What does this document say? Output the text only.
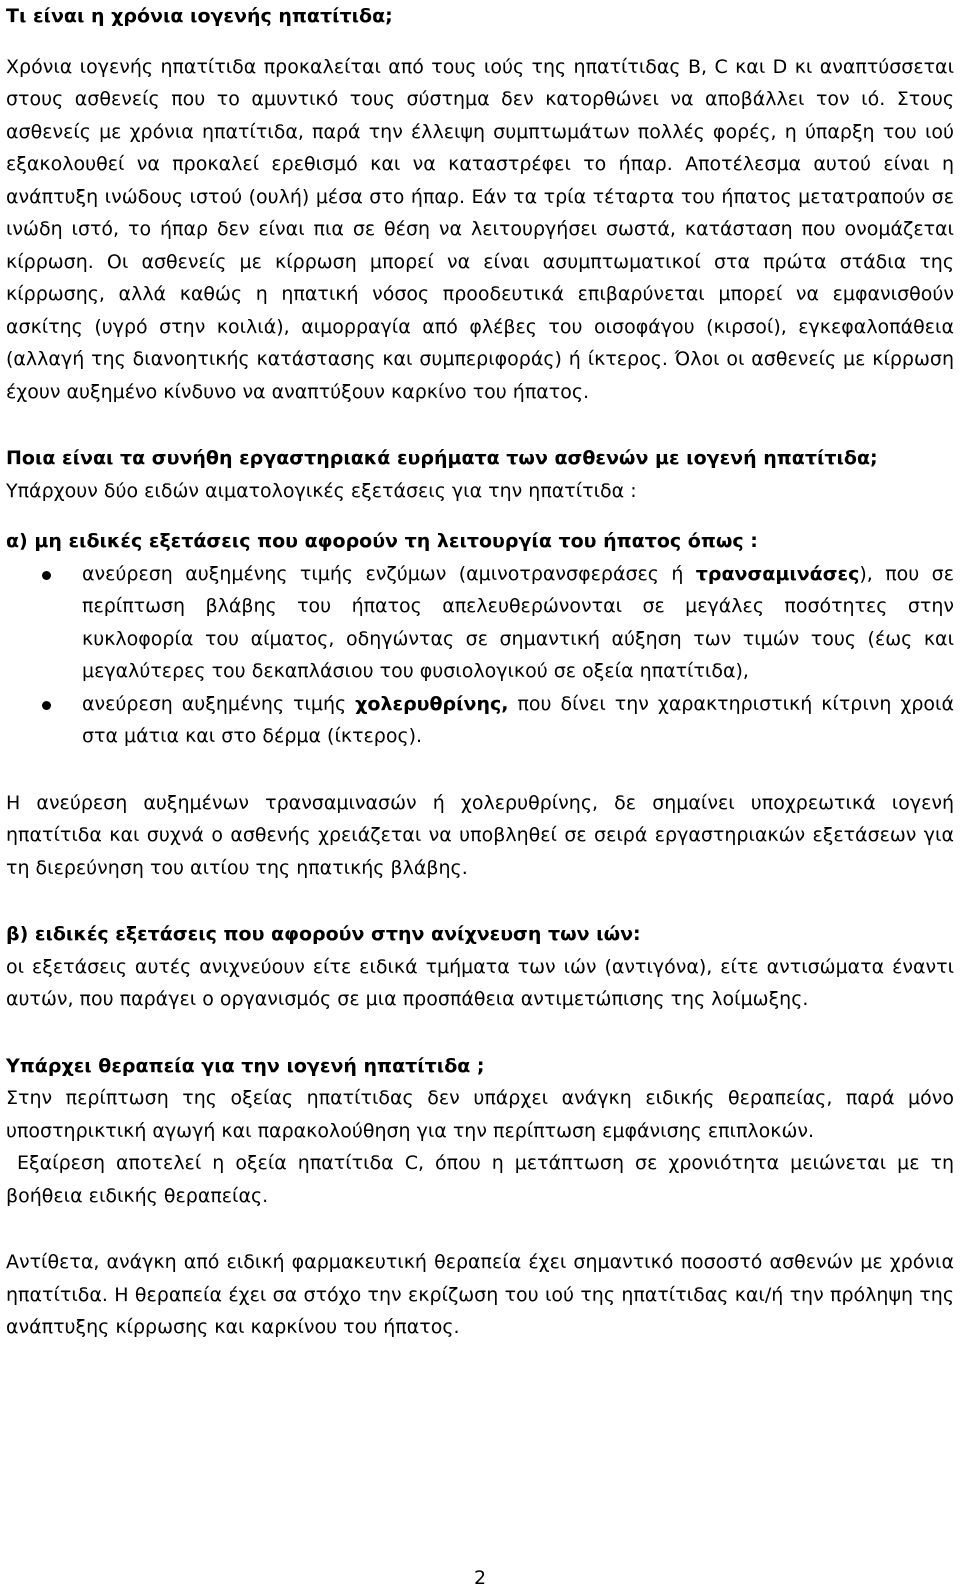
Τι είναι η χρόνια ιογενής ηπατίτιδα;

Χρόνια ιογενής ηπατίτιδα προκαλείται από τους ιούς της ηπατίτιδας B, C και D κι αναπτύσσεται στους ασθενείς που το αμυντικό τους σύστημα δεν κατορθώνει να αποβάλλει τον ιό. Στους ασθενείς με χρόνια ηπατίτιδα, παρά την έλλειψη συμπτωμάτων πολλές φορές, η ύπαρξη του ιού εξακολουθεί να προκαλεί ερεθισμό και να καταστρέφει το ήπαρ. Αποτέλεσμα αυτού είναι η ανάπτυξη ινώδους ιστού (ουλή) μέσα στο ήπαρ. Εάν τα τρία τέταρτα του ήπατος μετατραπούν σε ινώδη ιστό, το ήπαρ δεν είναι πια σε θέση να λειτουργήσει σωστά, κατάσταση που ονομάζεται κίρρωση. Οι ασθενείς με κίρρωση μπορεί να είναι ασυμπτωματικοί στα πρώτα στάδια της κίρρωσης, αλλά καθώς η ηπατική νόσος προοδευτικά επιβαρύνεται μπορεί να εμφανισθούν ασκίτης (υγρό στην κοιλιά), αιμορραγία από φλέβες του οισοφάγου (κιρσοί), εγκεφαλοπάθεια (αλλαγή της διανοητικής κατάστασης και συμπεριφοράς) ή ίκτερος. Όλοι οι ασθενείς με κίρρωση έχουν αυξημένο κίνδυνο να αναπτύξουν καρκίνο του ήπατος.

Ποια είναι τα συνήθη εργαστηριακά ευρήματα των ασθενών με ιογενή ηπατίτιδα;

Υπάρχουν δύο ειδών αιματολογικές εξετάσεις για την ηπατίτιδα :

α) μη ειδικές εξετάσεις που αφορούν τη λειτουργία του ήπατος όπως :

ανεύρεση αυξημένης τιμής ενζύμων (αμινοτρανσφεράσες ή τρανσαμινάσες), που σε περίπτωση βλάβης του ήπατος απελευθερώνονται σε μεγάλες ποσότητες στην κυκλοφορία του αίματος, οδηγώντας σε σημαντική αύξηση των τιμών τους (έως και μεγαλύτερες του δεκαπλάσιου του φυσιολογικού σε οξεία ηπατίτιδα),
ανεύρεση αυξημένης τιμής χολερυθρίνης, που δίνει την χαρακτηριστική κίτρινη χροιά στα μάτια και στο δέρμα (ίκτερος).

Η ανεύρεση αυξημένων τρανσαμινασών ή χολερυθρίνης, δε σημαίνει υποχρεωτικά ιογενή ηπατίτιδα και συχνά ο ασθενής χρειάζεται να υποβληθεί σε σειρά εργαστηριακών εξετάσεων για τη διερεύνηση του αιτίου της ηπατικής βλάβης.

β) ειδικές εξετάσεις που αφορούν στην ανίχνευση των ιών:

οι εξετάσεις αυτές ανιχνεύουν είτε ειδικά τμήματα των ιών (αντιγόνα), είτε αντισώματα έναντι αυτών, που παράγει ο οργανισμός σε μια προσπάθεια αντιμετώπισης της λοίμωξης.

Υπάρχει θεραπεία για την ιογενή ηπατίτιδα ;

Στην περίπτωση της οξείας ηπατίτιδας δεν υπάρχει ανάγκη ειδικής θεραπείας, παρά μόνο υποστηρικτική αγωγή και παρακολούθηση για την περίπτωση εμφάνισης επιπλοκών.

Εξαίρεση αποτελεί η οξεία ηπατίτιδα C, όπου η μετάπτωση σε χρονιότητα μειώνεται με τη βοήθεια ειδικής θεραπείας.

Αντίθετα, ανάγκη από ειδική φαρμακευτική θεραπεία έχει σημαντικό ποσοστό ασθενών με χρόνια ηπατίτιδα. Η θεραπεία έχει σα στόχο την εκρίζωση του ιού της ηπατίτιδας και/ή την πρόληψη της ανάπτυξης κίρρωσης και καρκίνου του ήπατος.

2
